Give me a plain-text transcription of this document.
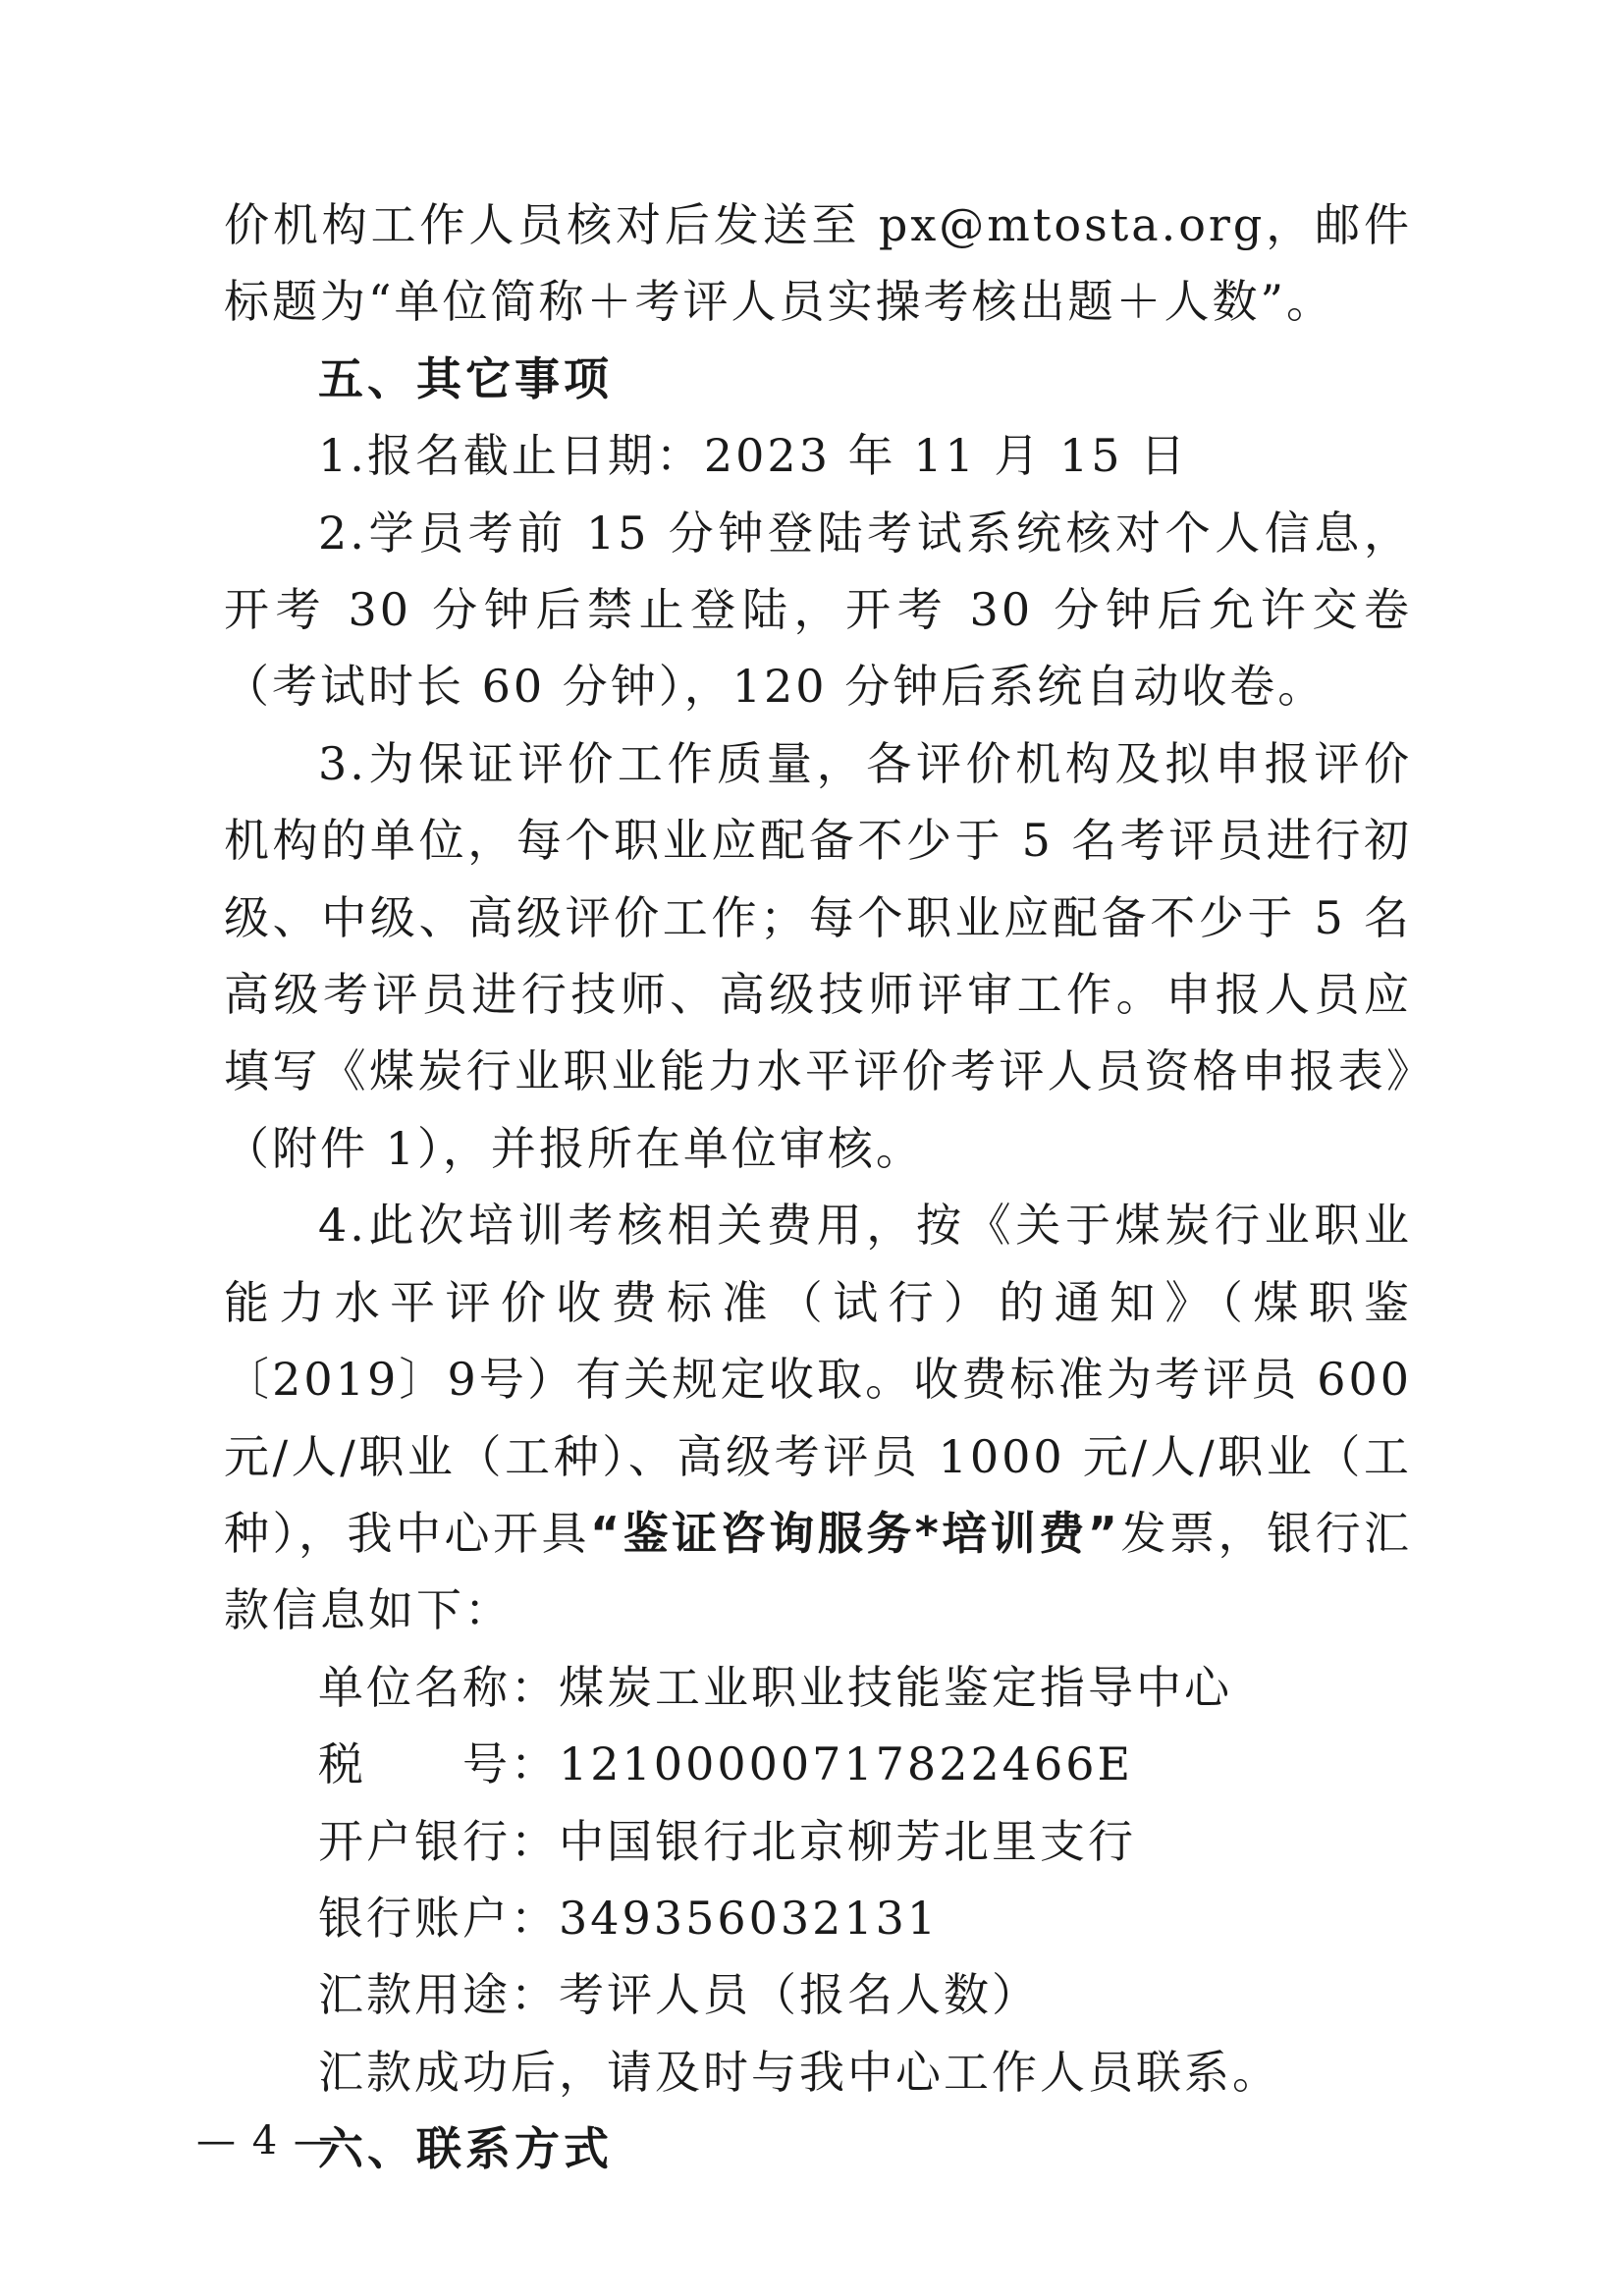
价机构工作人员核对后发送至 px@mtosta.org，邮件标题为“单位简称＋考评人员实操考核出题＋人数”。

五、其它事项

1.报名截止日期：2023 年 11 月 15 日

2.学员考前 15 分钟登陆考试系统核对个人信息，开考 30 分钟后禁止登陆，开考 30 分钟后允许交卷（考试时长 60 分钟），120 分钟后系统自动收卷。

3.为保证评价工作质量，各评价机构及拟申报评价机构的单位，每个职业应配备不少于 5 名考评员进行初级、中级、高级评价工作；每个职业应配备不少于 5 名高级考评员进行技师、高级技师评审工作。申报人员应填写《煤炭行业职业能力水平评价考评人员资格申报表》（附件 1），并报所在单位审核。

4.此次培训考核相关费用，按《关于煤炭行业职业能力水平评价收费标准（试行）的通知》（煤职鉴〔2019〕9号）有关规定收取。收费标准为考评员 600 元/人/职业（工种）、高级考评员 1000 元/人/职业（工种），我中心开具“鉴证咨询服务*培训费”发票，银行汇款信息如下：

单位名称：煤炭工业职业技能鉴定指导中心

税　　号：12100000717822466E

开户银行：中国银行北京柳芳北里支行

银行账户：349356032131

汇款用途：考评人员（报名人数）

汇款成功后，请及时与我中心工作人员联系。

六、联系方式

— 4 —
